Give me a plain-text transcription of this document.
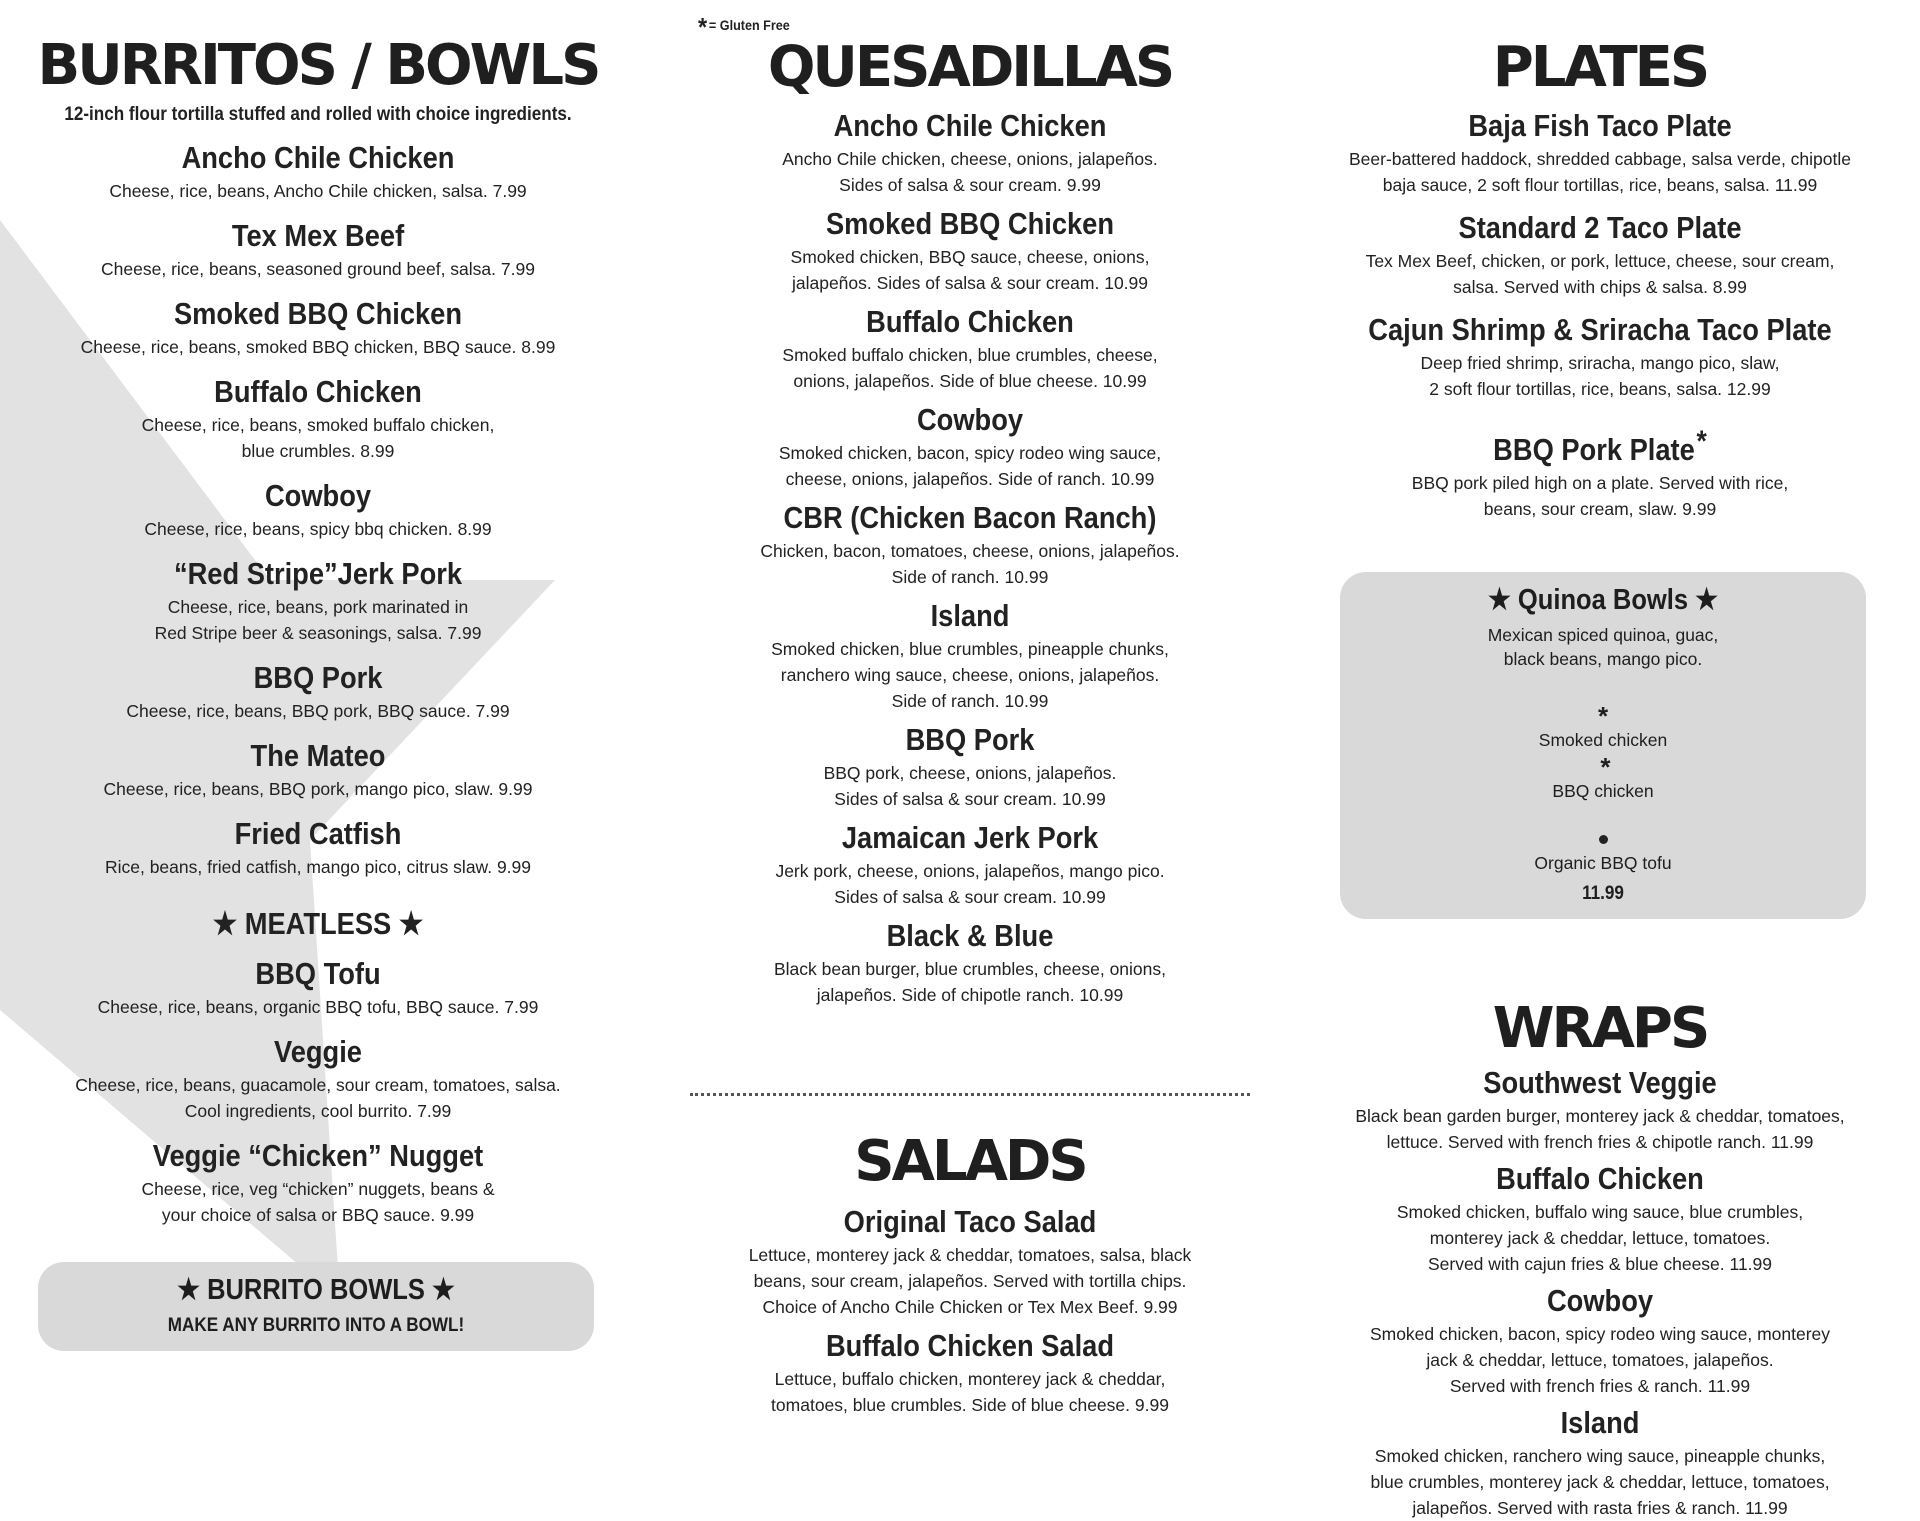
* = Gluten Free
BURRITOS / BOWLS

12-inch flour tortilla stuffed and rolled with choice ingredients.

Ancho Chile Chicken

Cheese, rice, beans, Ancho Chile chicken, salsa. 7.99

Tex Mex Beef

Cheese, rice, beans, seasoned ground beef, salsa. 7.99

Smoked BBQ Chicken

Cheese, rice, beans, smoked BBQ chicken, BBQ sauce. 8.99

Buffalo Chicken

Cheese, rice, beans, smoked buffalo chicken,
blue crumbles. 8.99

Cowboy

Cheese, rice, beans, spicy bbq chicken. 8.99

“Red Stripe”Jerk Pork

Cheese, rice, beans, pork marinated in
Red Stripe beer & seasonings, salsa. 7.99

BBQ Pork

Cheese, rice, beans, BBQ pork, BBQ sauce. 7.99

The Mateo

Cheese, rice, beans, BBQ pork, mango pico, slaw. 9.99

Fried Catfish

Rice, beans, fried catfish, mango pico, citrus slaw. 9.99

★ MEATLESS ★

BBQ Tofu

Cheese, rice, beans, organic BBQ tofu, BBQ sauce. 7.99

Veggie

Cheese, rice, beans, guacamole, sour cream, tomatoes, salsa.
Cool ingredients, cool burrito. 7.99

Veggie “Chicken” Nugget

Cheese, rice, veg “chicken” nuggets, beans &
your choice of salsa or BBQ sauce. 9.99

★ BURRITO BOWLS ★

MAKE ANY BURRITO INTO A BOWL!
QUESADILLAS

Ancho Chile Chicken

Ancho Chile chicken, cheese, onions, jalapeños.
Sides of salsa & sour cream. 9.99

Smoked BBQ Chicken

Smoked chicken, BBQ sauce, cheese, onions,
jalapeños. Sides of salsa & sour cream. 10.99

Buffalo Chicken

Smoked buffalo chicken, blue crumbles, cheese,
onions, jalapeños. Side of blue cheese. 10.99

Cowboy

Smoked chicken, bacon, spicy rodeo wing sauce,
cheese, onions, jalapeños. Side of ranch. 10.99

CBR (Chicken Bacon Ranch)

Chicken, bacon, tomatoes, cheese, onions, jalapeños.
Side of ranch. 10.99

Island

Smoked chicken, blue crumbles, pineapple chunks,
ranchero wing sauce, cheese, onions, jalapeños.
Side of ranch. 10.99

BBQ Pork

BBQ pork, cheese, onions, jalapeños.
Sides of salsa & sour cream. 10.99

Jamaican Jerk Pork

Jerk pork, cheese, onions, jalapeños, mango pico.
Sides of salsa & sour cream. 10.99

Black & Blue

Black bean burger, blue crumbles, cheese, onions,
jalapeños. Side of chipotle ranch. 10.99

SALADS

Original Taco Salad

Lettuce, monterey jack & cheddar, tomatoes, salsa, black
beans, sour cream, jalapeños. Served with tortilla chips.
Choice of Ancho Chile Chicken or Tex Mex Beef. 9.99

Buffalo Chicken Salad

Lettuce, buffalo chicken, monterey jack & cheddar,
tomatoes, blue crumbles. Side of blue cheese. 9.99

PLATES

Baja Fish Taco Plate

Beer-battered haddock, shredded cabbage, salsa verde, chipotle
baja sauce, 2 soft flour tortillas, rice, beans, salsa. 11.99

Standard 2 Taco Plate

Tex Mex Beef, chicken, or pork, lettuce, cheese, sour cream,
salsa. Served with chips & salsa. 8.99

Cajun Shrimp & Sriracha Taco Plate

Deep fried shrimp, sriracha, mango pico, slaw,
2 soft flour tortillas, rice, beans, salsa. 12.99

BBQ Pork Plate*

BBQ pork piled high on a plate. Served with rice,
beans, sour cream, slaw. 9.99

★ Quinoa Bowls ★

Mexican spiced quinoa, guac,
black beans, mango pico.

*
Smoked chicken
*
BBQ chicken

Organic BBQ tofu

11.99
WRAPS

Southwest Veggie

Black bean garden burger, monterey jack & cheddar, tomatoes,
lettuce. Served with french fries & chipotle ranch. 11.99

Buffalo Chicken

Smoked chicken, buffalo wing sauce, blue crumbles,
monterey jack & cheddar, lettuce, tomatoes.
Served with cajun fries & blue cheese. 11.99

Cowboy

Smoked chicken, bacon, spicy rodeo wing sauce, monterey
jack & cheddar, lettuce, tomatoes, jalapeños.
Served with french fries & ranch. 11.99

Island

Smoked chicken, ranchero wing sauce, pineapple chunks,
blue crumbles, monterey jack & cheddar, lettuce, tomatoes,
jalapeños. Served with rasta fries & ranch. 11.99
